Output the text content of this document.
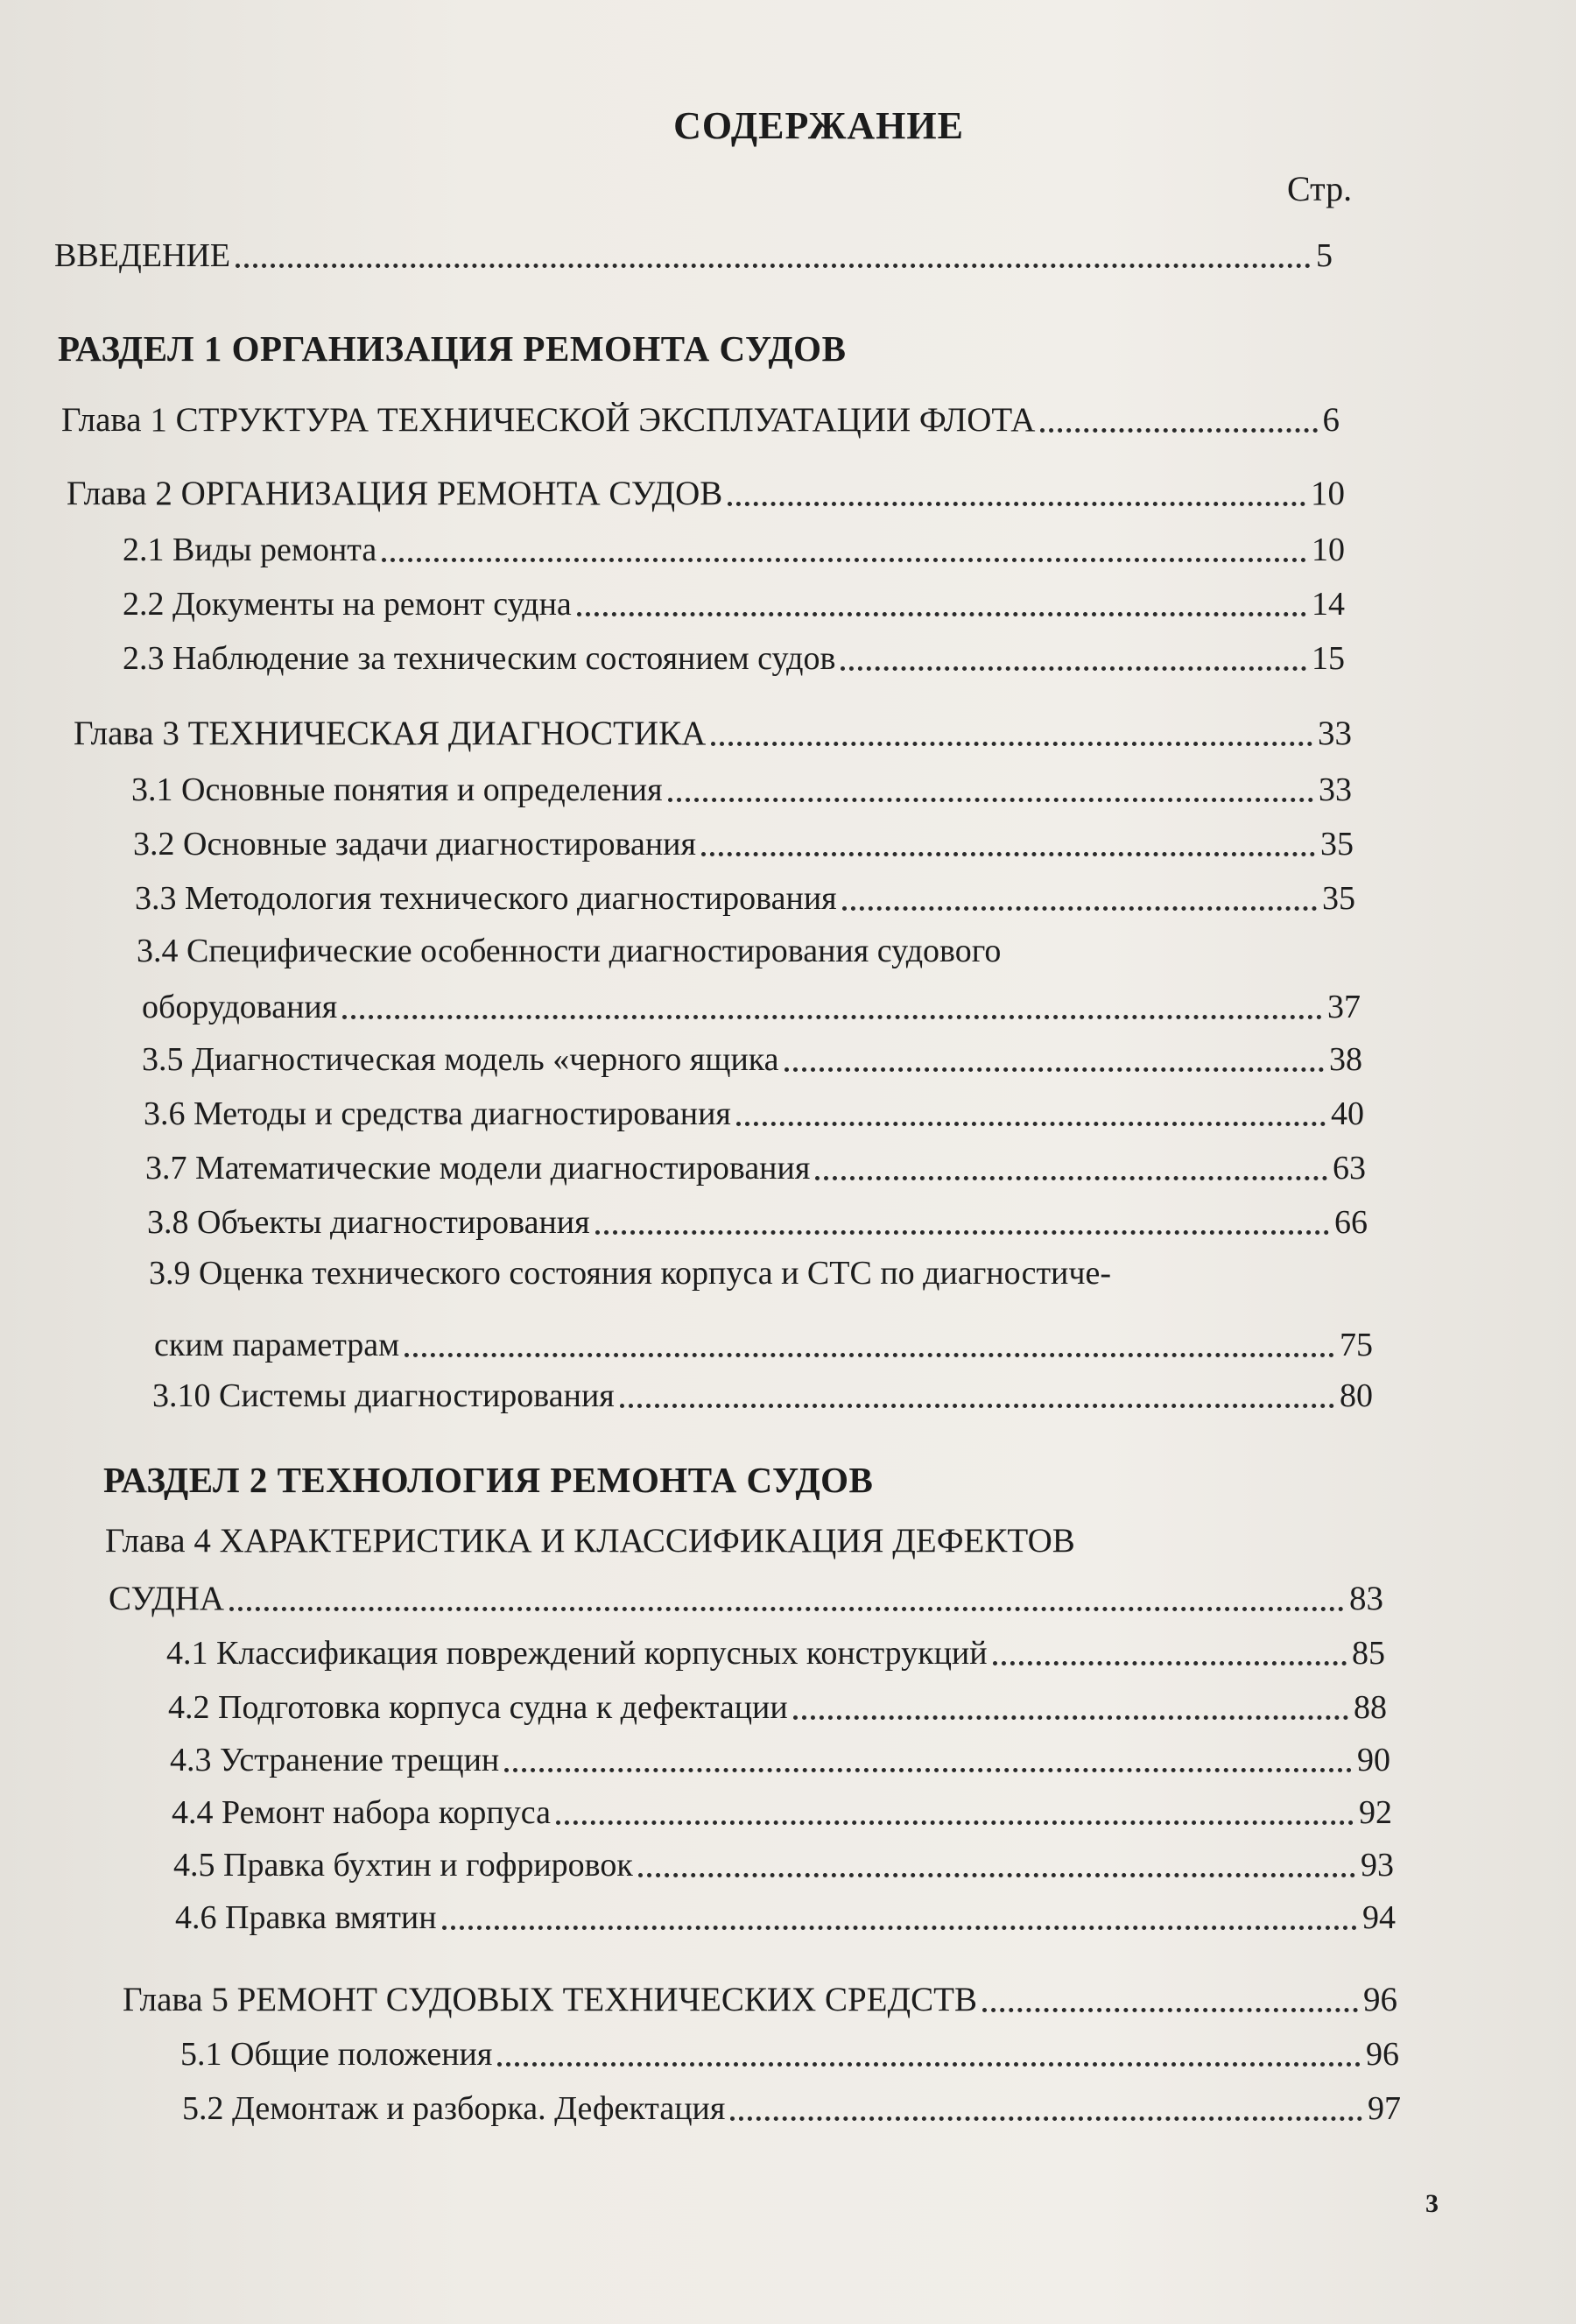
СОДЕРЖАНИЕ
Стр.
ВВЕДЕНИЕ	5
РАЗДЕЛ 1 ОРГАНИЗАЦИЯ РЕМОНТА СУДОВ
Глава 1 СТРУКТУРА ТЕХНИЧЕСКОЙ ЭКСПЛУАТАЦИИ ФЛОТА	6
Глава 2 ОРГАНИЗАЦИЯ РЕМОНТА СУДОВ	10
2.1 Виды ремонта	10
2.2 Документы на ремонт судна	14
2.3 Наблюдение за техническим состоянием судов	15
Глава 3 ТЕХНИЧЕСКАЯ ДИАГНОСТИКА	33
3.1 Основные понятия и определения	33
3.2 Основные задачи диагностирования	35
3.3 Методология технического диагностирования	35
3.4 Специфические особенности диагностирования судового
оборудования	37
3.5 Диагностическая модель «черного ящика	38
3.6 Методы и средства диагностирования	40
3.7 Математические модели диагностирования	63
3.8 Объекты диагностирования	66
3.9 Оценка технического состояния корпуса и СТС по диагностиче-
ским параметрам	75
3.10 Системы диагностирования	80
РАЗДЕЛ 2 ТЕХНОЛОГИЯ РЕМОНТА СУДОВ
Глава 4 ХАРАКТЕРИСТИКА И КЛАССИФИКАЦИЯ ДЕФЕКТОВ
СУДНА	83
4.1 Классификация повреждений корпусных конструкций	85
4.2 Подготовка корпуса судна к дефектации	88
4.3 Устранение трещин	90
4.4 Ремонт набора корпуса	92
4.5 Правка бухтин и гофрировок	93
4.6 Правка вмятин	94
Глава 5 РЕМОНТ СУДОВЫХ ТЕХНИЧЕСКИХ СРЕДСТВ	96
5.1 Общие положения	96
5.2 Демонтаж и разборка. Дефектация	97
3
